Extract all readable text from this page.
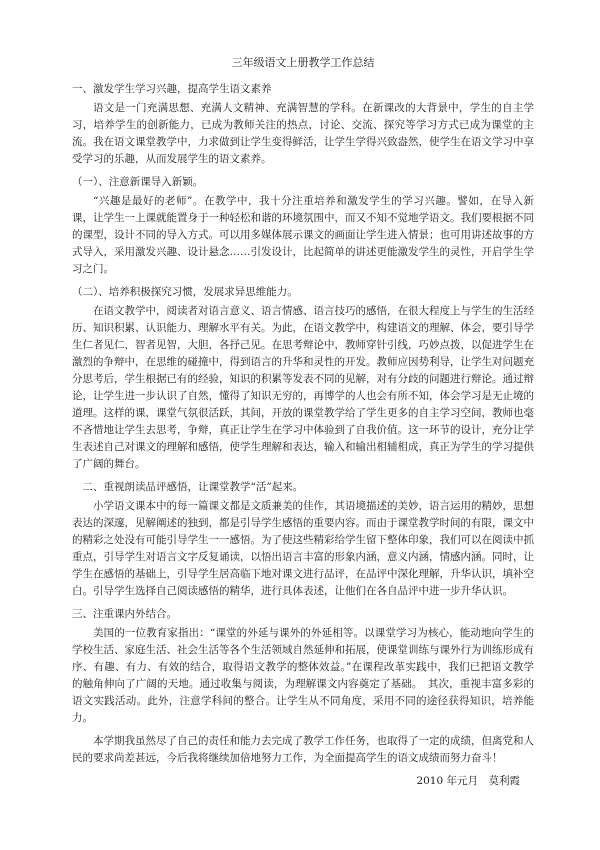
三年级语文上册教学工作总结
一、激发学生学习兴趣，提高学生语文素养
语文是一门充满思想、充满人文精神、充满智慧的学科。在新课改的大背景中，学生的自主学习，培养学生的创新能力，已成为教师关注的热点，讨论、交流、探究等学习方式已成为课堂的主流。我在语文课堂教学中，力求做到让学生变得鲜活，让学生学得兴致盎然，使学生在语文学习中享受学习的乐趣，从而发展学生的语文素养。
（一）、注意新课导入新颖。
“兴趣是最好的老师”。在教学中，我十分注重培养和激发学生的学习兴趣。譬如，在导入新课，让学生一上课就能置身于一种轻松和谐的环境氛围中，而又不知不觉地学语文。我们要根据不同的课型，设计不同的导入方式。可以用多媒体展示课文的画面让学生进入情景；也可用讲述故事的方式导入，采用激发兴趣、设计悬念……引发设计，比起简单的讲述更能激发学生的灵性，开启学生学习之门。
（二）、培养积极探究习惯，发展求异思维能力。
在语文教学中，阅读者对语言意义、语言情感、语言技巧的感悟，在很大程度上与学生的生活经历、知识积累、认识能力、理解水平有关。为此，在语文教学中，构建语文的理解、体会，要引导学生仁者见仁，智者见智，大胆，各抒己见。在思考辩论中，教师穿针引线，巧妙点拨，以促进学生在激烈的争辩中，在思维的碰撞中，得到语言的升华和灵性的开发。教师应因势利导，让学生对问题充分思考后，学生根据已有的经验，知识的积累等发表不同的见解，对有分歧的问题进行辩论。通过辩论，让学生进一步认识了自然，懂得了知识无穷的，再博学的人也会有所不知，体会学习是无止境的道理。这样的课，课堂气氛很活跃，其间，开放的课堂教学给了学生更多的自主学习空间，教师也毫不吝惜地让学生去思考，争辩，真正让学生在学习中体验到了自我价值。这一环节的设计，充分让学生表述自己对课文的理解和感悟，使学生理解和表达，输入和输出相辅相成，真正为学生的学习提供了广阔的舞台。
二、重视朗读品评感悟，让课堂教学“活”起来。
小学语文课本中的每一篇课文都是文质兼美的佳作，其语境描述的美妙，语言运用的精妙，思想表达的深邃，见解阐述的独到，都是引导学生感悟的重要内容。而由于课堂教学时间的有限，课文中的精彩之处没有可能引导学生一一感悟。为了使这些精彩给学生留下整体印象，我们可以在阅读中抓重点，引导学生对语言文字反复诵读，以悟出语言丰富的形象内涵，意义内涵，情感内涵。同时，让学生在感悟的基础上，引导学生居高临下地对课文进行品评，在品评中深化理解，升华认识，填补空白。引导学生选择自己阅读感悟的精华，进行具体表述，让他们在各自品评中进一步升华认识。
三、注重课内外结合。
美国的一位教育家指出：“课堂的外延与课外的外延相等。以课堂学习为核心，能动地向学生的学校生活、家庭生活、社会生活等各个生活领域自然延伸和拓展，使课堂训练与课外行为训练形成有序、有趣、有力、有效的结合，取得语文教学的整体效益。”在课程改革实践中，我们已把语文教学的触角伸向了广阔的天地。通过收集与阅读，为理解课文内容奠定了基础。　其次，重视丰富多彩的语文实践活动。此外，注意学科间的整合。让学生从不同角度，采用不同的途径获得知识，培养能力。
本学期我虽然尽了自己的责任和能力去完成了教学工作任务，也取得了一定的成绩，但离党和人民的要求尚差甚远，今后我将继续加倍地努力工作，为全面提高学生的语文成绩而努力奋斗！
2010 年元月　莫利霞
